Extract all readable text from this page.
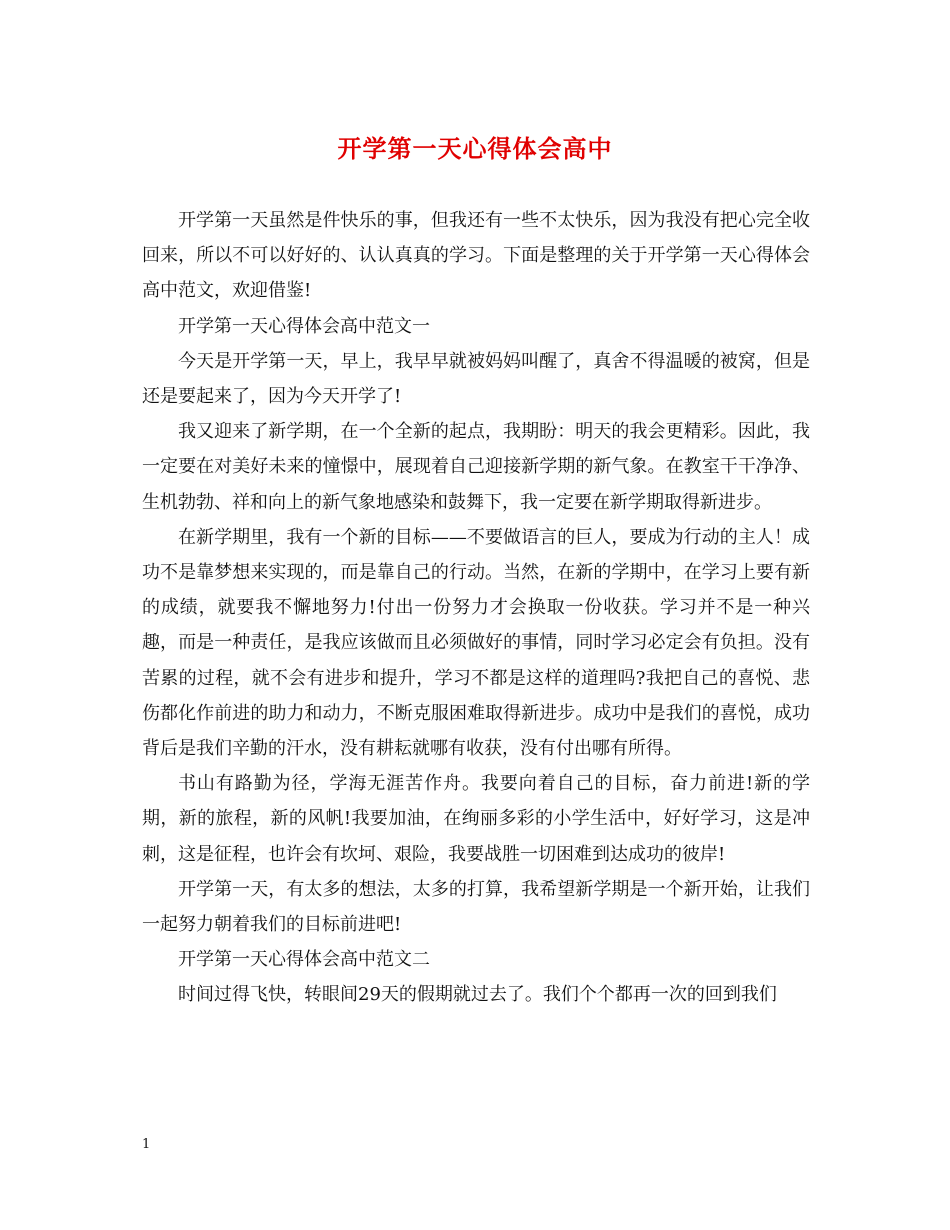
开学第一天心得体会高中

开学第一天虽然是件快乐的事，但我还有一些不太快乐，因为我没有把心完全收回来，所以不可以好好的、认认真真的学习。下面是整理的关于开学第一天心得体会高中范文，欢迎借鉴!

开学第一天心得体会高中范文一

今天是开学第一天，早上，我早早就被妈妈叫醒了，真舍不得温暖的被窝，但是还是要起来了，因为今天开学了!

我又迎来了新学期，在一个全新的起点，我期盼：明天的我会更精彩。因此，我一定要在对美好未来的憧憬中，展现着自己迎接新学期的新气象。在教室干干净净、生机勃勃、祥和向上的新气象地感染和鼓舞下，我一定要在新学期取得新进步。

在新学期里，我有一个新的目标——不要做语言的巨人，要成为行动的主人！成功不是靠梦想来实现的，而是靠自己的行动。当然，在新的学期中，在学习上要有新的成绩，就要我不懈地努力!付出一份努力才会换取一份收获。学习并不是一种兴趣，而是一种责任，是我应该做而且必须做好的事情，同时学习必定会有负担。没有苦累的过程，就不会有进步和提升，学习不都是这样的道理吗?我把自己的喜悦、悲伤都化作前进的助力和动力，不断克服困难取得新进步。成功中是我们的喜悦，成功背后是我们辛勤的汗水，没有耕耘就哪有收获，没有付出哪有所得。

书山有路勤为径，学海无涯苦作舟。我要向着自己的目标，奋力前进!新的学期，新的旅程，新的风帆!我要加油，在绚丽多彩的小学生活中，好好学习，这是冲刺，这是征程，也许会有坎坷、艰险，我要战胜一切困难到达成功的彼岸!

开学第一天，有太多的想法，太多的打算，我希望新学期是一个新开始，让我们一起努力朝着我们的目标前进吧!

开学第一天心得体会高中范文二

时间过得飞快，转眼间29天的假期就过去了。我们个个都再一次的回到我们

1
